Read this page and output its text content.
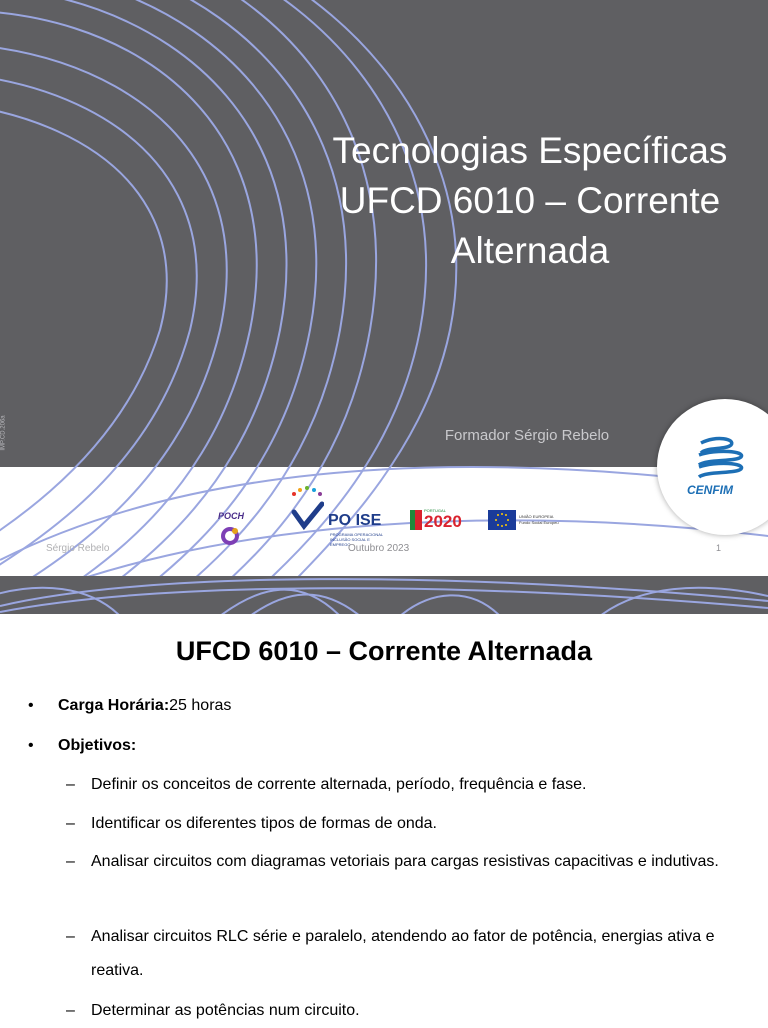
Tecnologias Específicas
UFCD 6010 – Corrente
Alternada
Formador Sérgio Rebelo
IMP.CD.206a
POCH	PO ISE
PROGRAMA OPERACIONAL INCLUSÃO SOCIAL E EMPREGO
PORTUGAL
2020	UNIÃO EUROPEIA
Fundo Social Europeu
CENFIM
Sérgio Rebelo	Outubro 2023	1
UFCD 6010 – Corrente Alternada
• Carga Horária:25 horas
• Objetivos:
– Definir os conceitos de corrente alternada, período, frequência e fase.
– Identificar os diferentes tipos de formas de onda.
– Analisar circuitos com diagramas vetoriais para cargas resistivas capacitivas e indutivas.
– Analisar circuitos RLC série e paralelo, atendendo ao fator de potência, energias ativa e reativa.
– Determinar as potências num circuito.
